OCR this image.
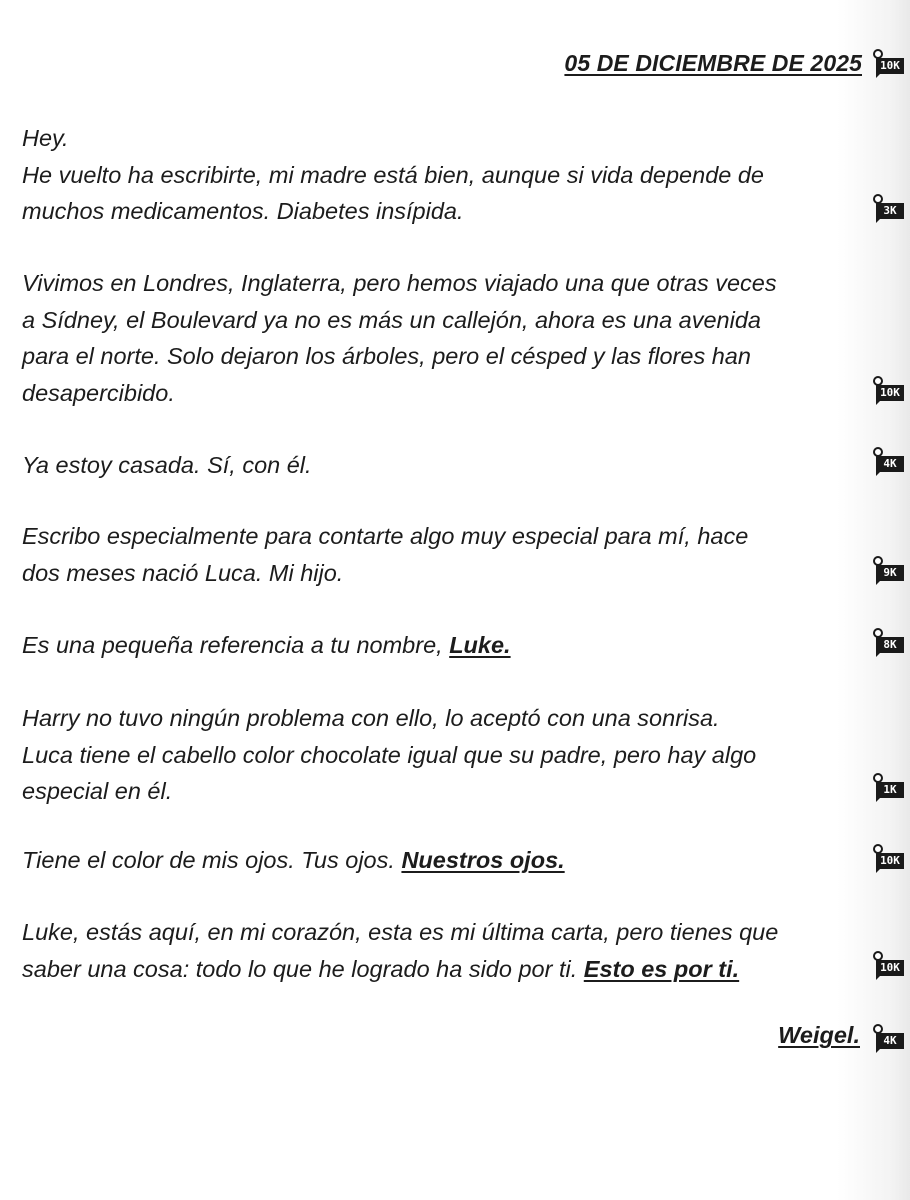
05 DE DICIEMBRE DE 2025

Hey.
He vuelto ha escribirte, mi madre está bien, aunque si vida depende de
muchos medicamentos. Diabetes insípida.

Vivimos en Londres, Inglaterra, pero hemos viajado una que otras veces
a Sídney, el Boulevard ya no es más un callejón, ahora es una avenida
para el norte. Solo dejaron los árboles, pero el césped y las flores han
desapercibido.

Ya estoy casada. Sí, con él.

Escribo especialmente para contarte algo muy especial para mí, hace
dos meses nació Luca. Mi hijo.

Es una pequeña referencia a tu nombre, Luke.

Harry no tuvo ningún problema con ello, lo aceptó con una sonrisa.
Luca tiene el cabello color chocolate igual que su padre, pero hay algo
especial en él.

Tiene el color de mis ojos. Tus ojos. Nuestros ojos.

Luke, estás aquí, en mi corazón, esta es mi última carta, pero tienes que
saber una cosa: todo lo que he logrado ha sido por ti. Esto es por ti.

Weigel.
10K
3K
10K
4K
9K
8K
1K
10K
10K
4K
